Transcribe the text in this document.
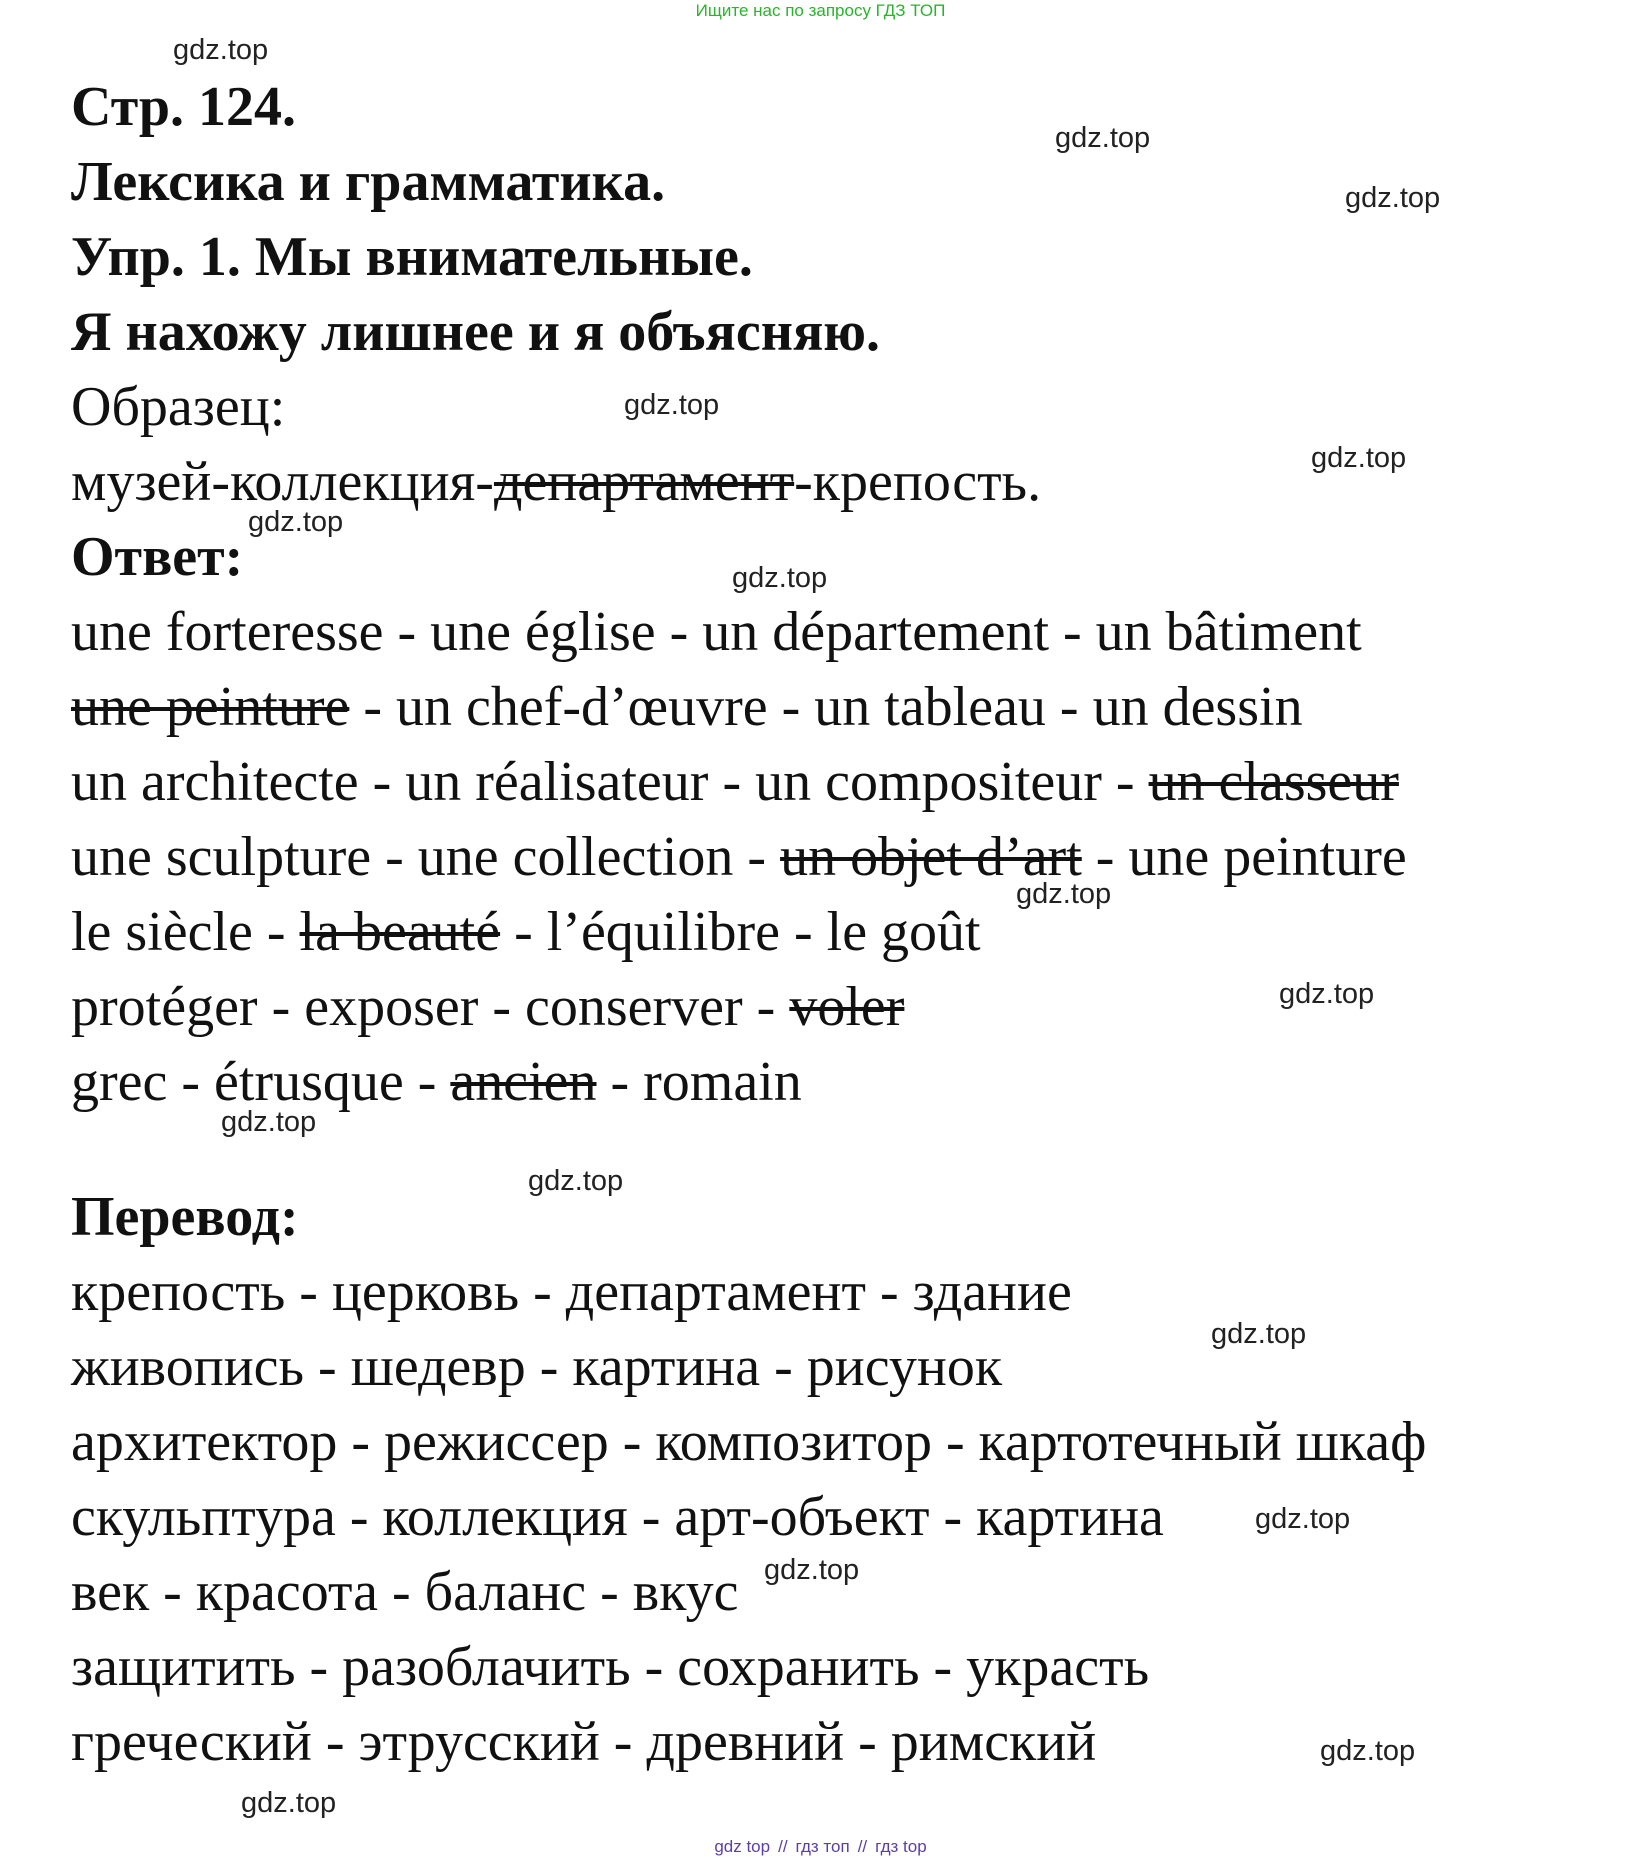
Ищите нас по запросу ГДЗ ТОП
Стр. 124.
Лексика и грамматика.
Упр. 1. Мы внимательные.
Я нахожу лишнее и я объясняю.
Образец:
музей-коллекция-департамент-крепость.
Ответ:
une forteresse - une église - un département - un bâtiment
une peinture - un chef-d’œuvre - un tableau - un dessin
un architecte - un réalisateur - un compositeur - un classeur
une sculpture - une collection - un objet d’art - une peinture
le siècle - la beauté - l’équilibre - le goût
protéger - exposer - conserver - voler
grec - étrusque - ancien - romain
Перевод:
крепость - церковь - департамент - здание
живопись - шедевр - картина - рисунок
архитектор - режиссер - композитор - картотечный шкаф
скульптура - коллекция - арт-объект - картина
век - красота - баланс - вкус
защитить - разоблачить - сохранить - украсть
греческий - этрусский - древний - римский
gdz.top
gdz.top
gdz.top
gdz.top
gdz.top
gdz.top
gdz.top
gdz.top
gdz.top
gdz.top
gdz.top
gdz.top
gdz.top
gdz.top
gdz.top
gdz.top
gdz top // гдз топ // гдз top
